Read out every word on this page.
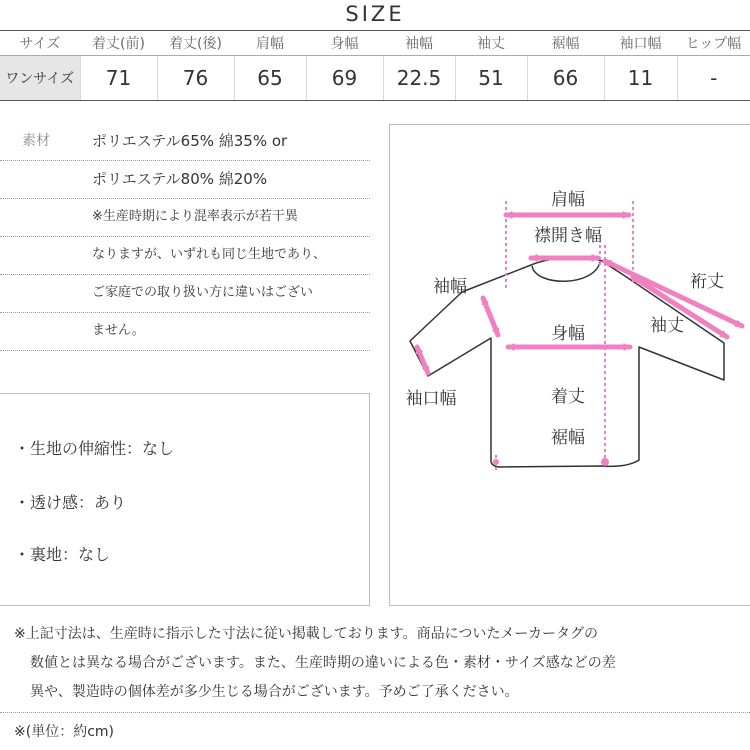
SIZE
サイズ	着丈(前)	着丈(後)	肩幅	身幅	袖幅	袖丈	裾幅	袖口幅	ヒップ幅
ワンサイズ	71	76	65	69	22.5	51	66	11	-
素材	ポリエステル65% 綿35% or
ポリエステル80% 綿20%
※生産時期により混率表示が若干異
なりますが、いずれも同じ生地であり、
ご家庭での取り扱い方に違いはござい
ません。
・生地の伸縮性：なし
・透け感：あり
・裏地：なし
肩幅
襟開き幅
袖幅	裄丈
袖丈
身幅
袖口幅	着丈
裾幅
※上記寸法は、生産時に指示した寸法に従い掲載しております。商品についたメーカータグの
数値とは異なる場合がございます。また、生産時期の違いによる色・素材・サイズ感などの差
異や、製造時の個体差が多少生じる場合がございます。予めご了承ください。
※(単位：約cm)
